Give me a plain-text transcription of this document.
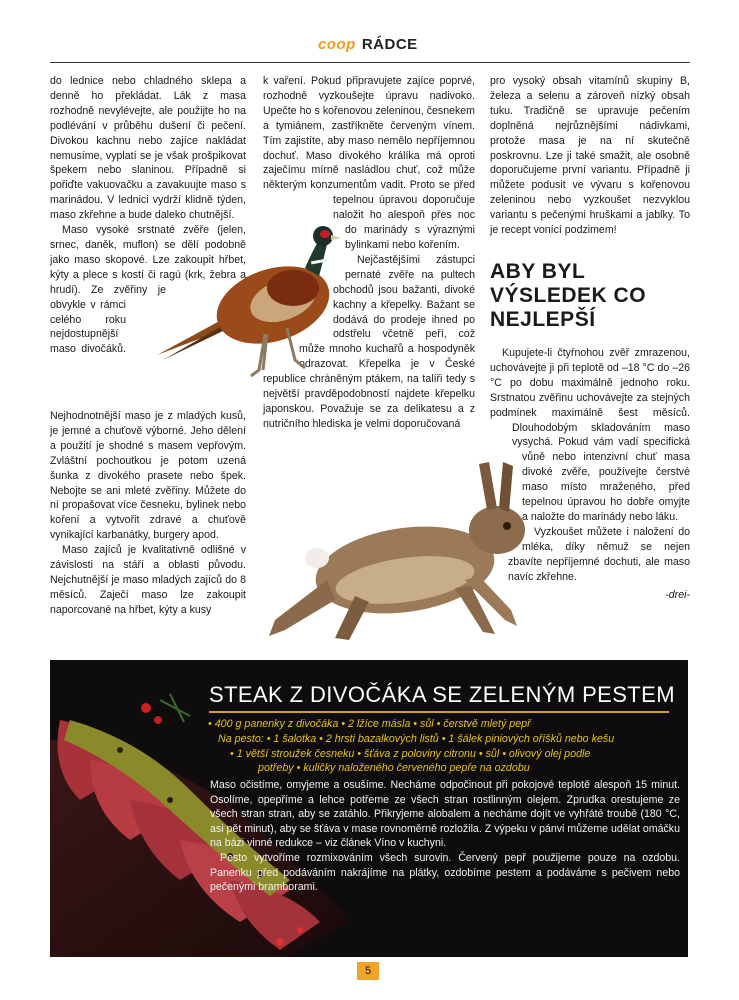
coop RÁDCE

do lednice nebo chladného sklepa a denně ho překládat. Lák z masa rozhodně nevylévejte, ale použijte ho na podlévání v průběhu dušení či pečení. Divokou kachnu nebo zajíce nakládat nemusíme, vyplatí se je však prošpikovat špekem nebo slaninou. Případně si pořiďte vakuovačku a zavakuujte maso s marinádou. V lednici vydrží klidně týden, maso zkřehne a bude daleko chutnější.

Maso vysoké srstnaté zvěře (jelen, srnec, daněk, muflon) se dělí podobně jako maso skopové. Lze zakoupit hřbet, kýty a plece s kostí či ragú (krk, žebra a hrudí). Ze zvěřiny je obvykle v rámci celého roku nejdostupnější maso divočáků. Nejhodnotnější maso je z mladých kusů, je jemné a chuťově výborné. Jeho dělení a použití je shodné s masem vepřovým. Zvláštní pochoutkou je potom uzená šunka z divokého prasete nebo špek. Nebojte se ani mleté zvěřiny. Můžete do ní propašovat více česneku, bylinek nebo koření a vytvořit zdravé a chuťově vynikající karbanátky, burgery apod.

Maso zajíců je kvalitativně odlišné v závislosti na stáří a oblasti původu. Nejchutnější je maso mladých zajíců do 8 měsíců. Zaječí maso lze zakoupit naporcované na hřbet, kýty a kusy

k vaření. Pokud připravujete zajíce poprvé, rozhodně vyzkoušejte úpravu nadivoko. Upečte ho s kořenovou zeleninou, česnekem a tymiánem, zastříkněte červeným vínem. Tím zajistíte, aby maso nemělo nepříjemnou dochuť. Maso divokého králíka má oproti zaječímu mírně nasládlou chuť, což může některým konzumentům vadit. Proto se před tepelnou úpravou doporučuje naložit ho alespoň přes noc do marinády s výraznými bylinkami nebo kořením.

Nejčastějšími zástupci pernaté zvěře na pultech obchodů jsou bažanti, divoké kachny a křepelky. Bažant se dodává do prodeje ihned po odstřelu včetně peří, což může mnoho kuchařů a hospodyněk odrazovat. Křepelka je v České republice chráněným ptákem, na talíři tedy s největší pravděpodobností najdete křepelku japonskou. Považuje se za delikatesu a z nutričního hlediska je velmi doporučovaná

pro vysoký obsah vitamínů skupiny B, železa a selenu a zároveň nízký obsah tuku. Tradičně se upravuje pečením doplněná nejrůznějšími nádivkami, protože masa je na ní skutečně poskrovnu. Lze ji také smažit, ale osobně doporučujeme první variantu. Případně ji můžete podusit ve vývaru s kořenovou zeleninou nebo vyzkoušet nezvyklou variantu s pečenými hruškami a jablky. To je recept vonící podzimem!

ABY BYL VÝSLEDEK CO NEJLEPŠÍ

Kupujete-li čtyřnohou zvěř zmrazenou, uchovávejte ji při teplotě od –18 °C do –26 °C po dobu maximálně jednoho roku. Srstnatou zvěřinu uchovávejte za stejných podmínek maximálně šest měsíců. Dlouhodobým skladováním maso vysychá. Pokud vám vadí specifická vůně nebo intenzivní chuť masa divoké zvěře, používejte čerstvé maso místo mraženého, před tepelnou úpravou ho dobře omyjte a naložte do marinády nebo láku.

Vyzkoušet můžete i naložení do mléka, díky němuž se nejen zbavíte nepříjemné dochuti, ale maso navíc zkřehne.

-drei-

STEAK Z DIVOČÁKA SE ZELENÝM PESTEM
• 400 g panenky z divočáka • 2 lžíce másla • sůl • čerstvě mletý pepř
Na pesto: • 1 šalotka • 2 hrsti bazalkových listů • 1 šálek piniových oříšků nebo kešu
• 1 větší stroužek česneku • šťáva z poloviny citronu • sůl • olivový olej podle
potřeby • kuličky naloženého červeného pepře na ozdobu

Maso očistíme, omyjeme a osušíme. Necháme odpočinout při pokojové teplotě alespoň 15 minut. Osolíme, opepříme a lehce potřeme ze všech stran rostlinným olejem. Zprudka orestujeme ze všech stran stran, aby se zatáhlo. Přikryjeme alobalem a necháme dojít ve vyhřáté troubě (180 °C, asi pět minut), aby se šťáva v mase rovnoměrně rozložila. Z výpeku v pánvi můžeme udělat omáčku na bázi vinné redukce – viz článek Víno v kuchyni.

Pesto vytvoříme rozmixováním všech surovin. Červený pepř použijeme pouze na ozdobu. Panenku před podáváním nakrájíme na plátky, ozdobíme pestem a podáváme s pečivem nebo pečenými bramborami.

5
